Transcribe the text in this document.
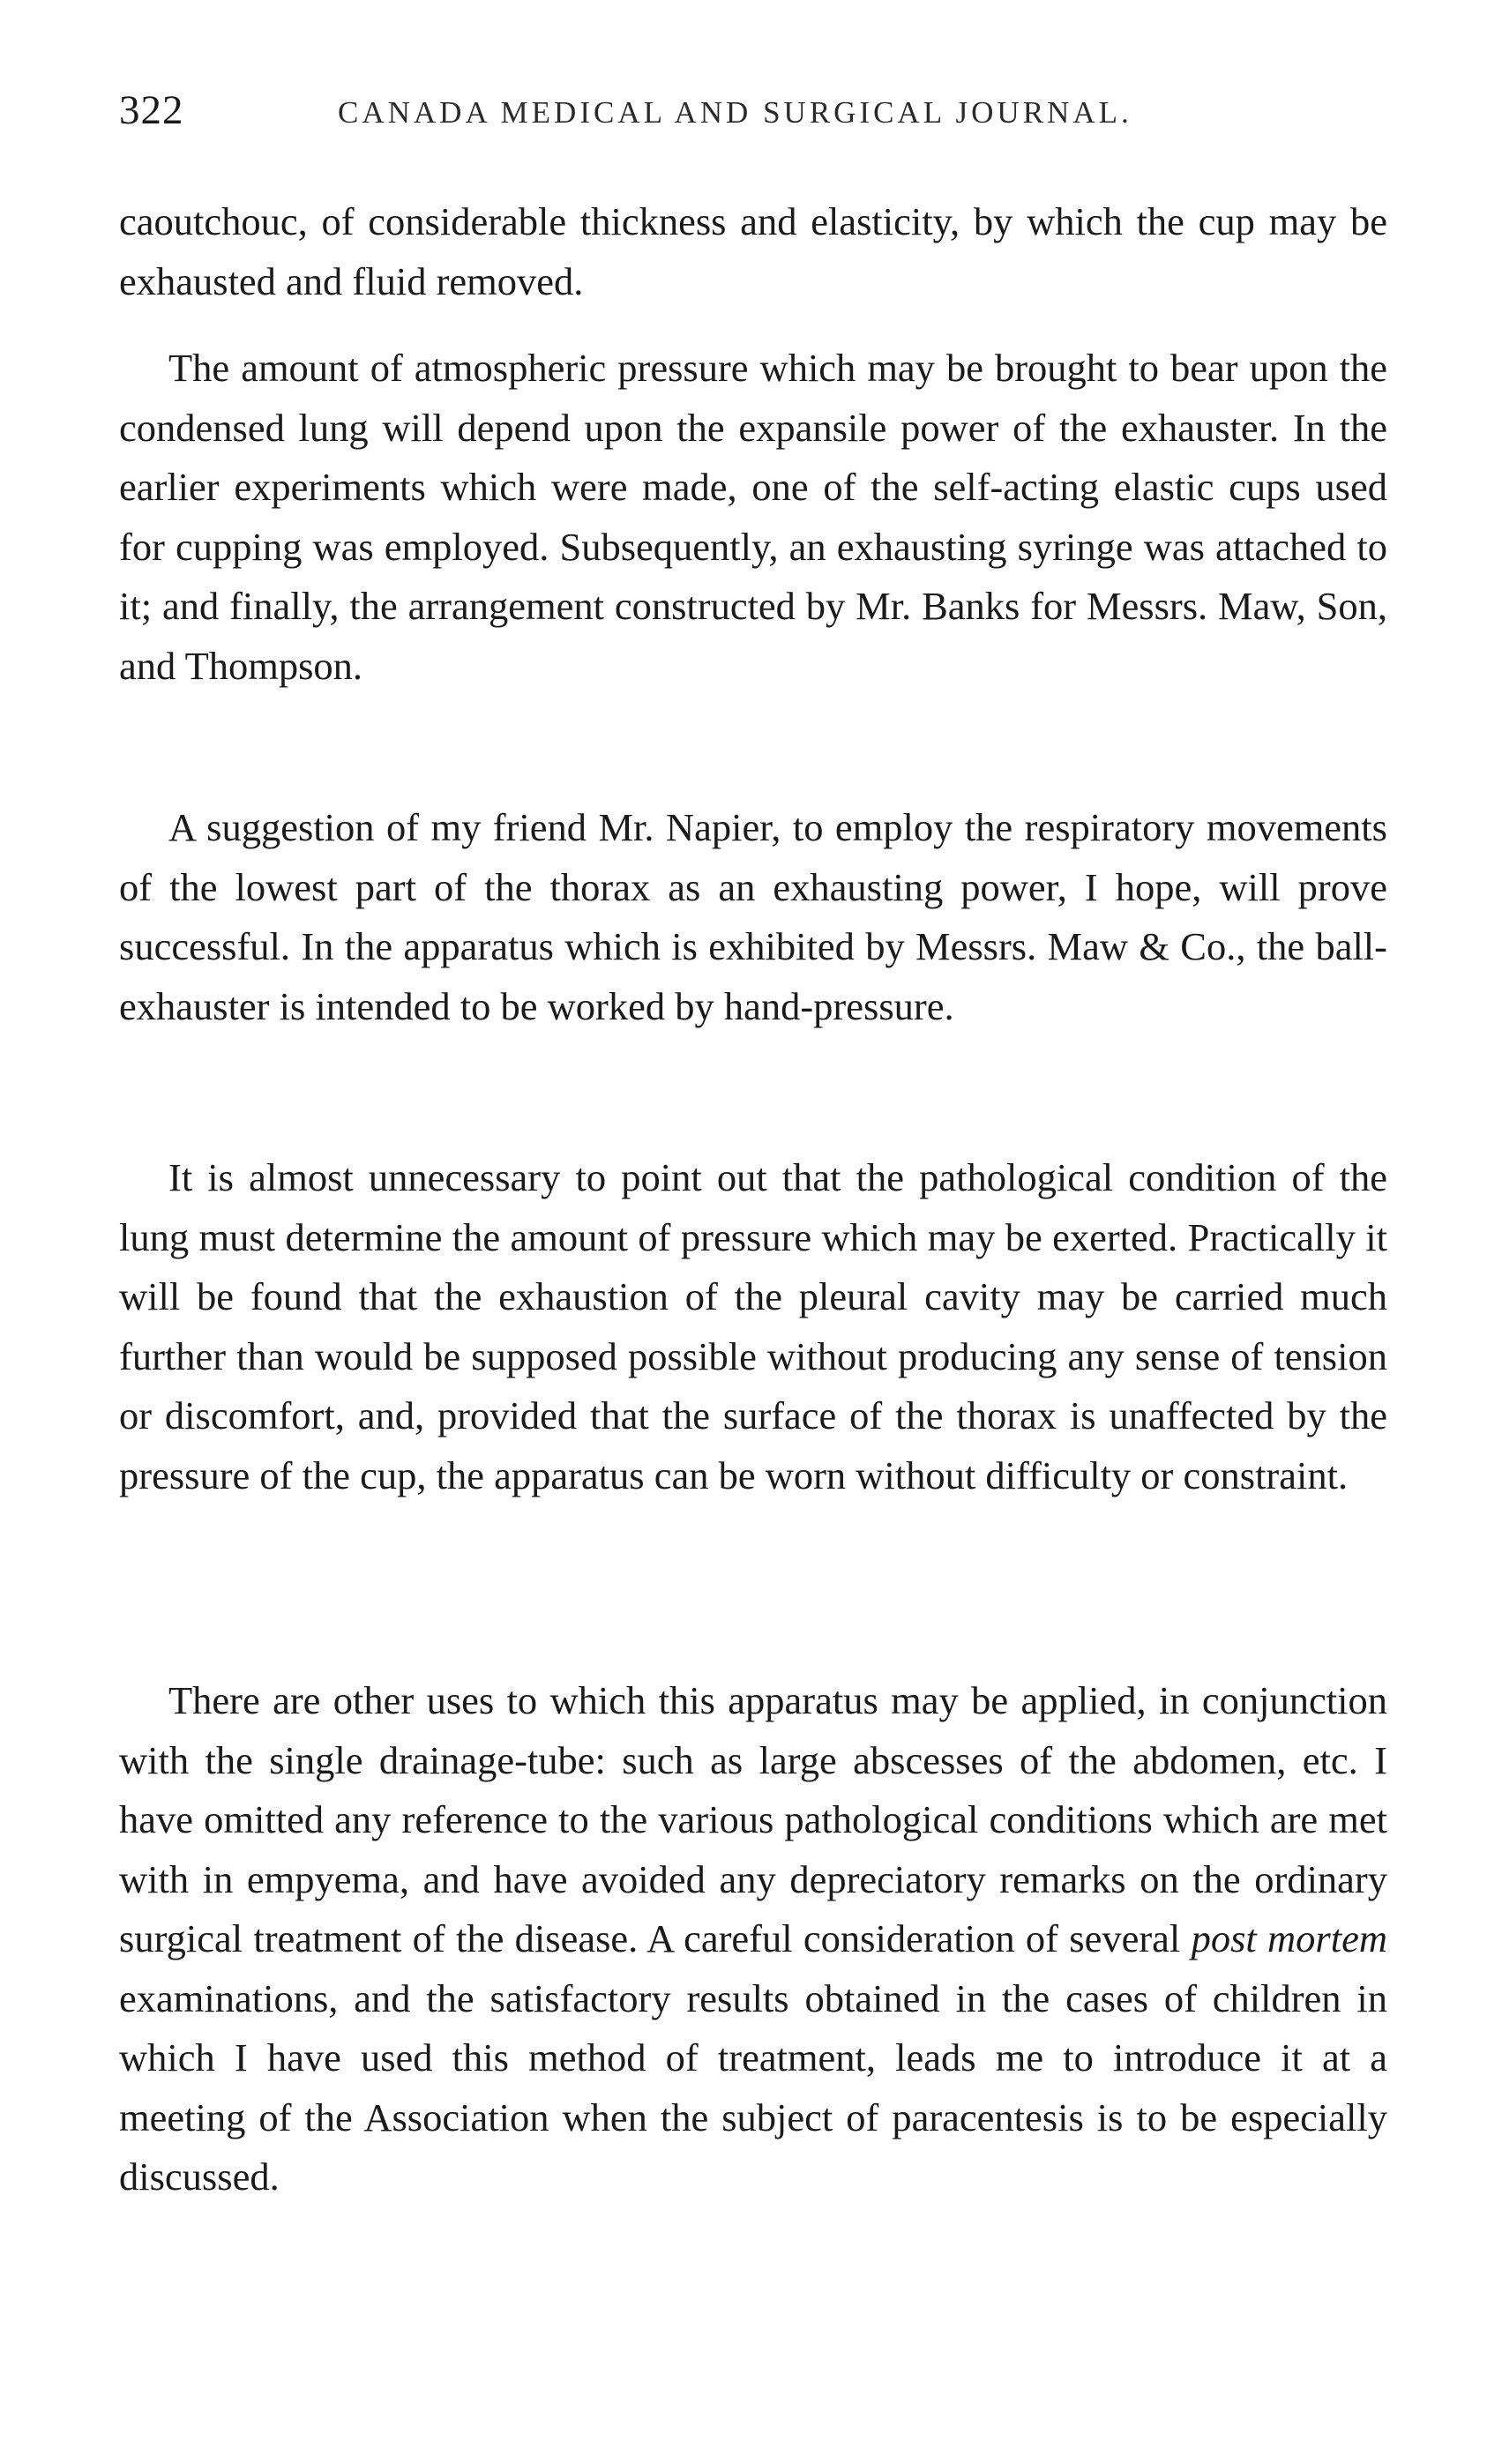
322	CANADA MEDICAL AND SURGICAL JOURNAL.

caoutchouc, of considerable thickness and elasticity, by which the cup may be exhausted and fluid removed.

The amount of atmospheric pressure which may be brought to bear upon the condensed lung will depend upon the expansile power of the exhauster. In the earlier experiments which were made, one of the self-acting elastic cups used for cupping was employed. Subsequently, an exhausting syringe was attached to it; and finally, the arrangement constructed by Mr. Banks for Messrs. Maw, Son, and Thompson.

A suggestion of my friend Mr. Napier, to employ the respiratory movements of the lowest part of the thorax as an exhausting power, I hope, will prove successful. In the apparatus which is exhibited by Messrs. Maw & Co., the ball-exhauster is intended to be worked by hand-pressure.

It is almost unnecessary to point out that the pathological condition of the lung must determine the amount of pressure which may be exerted. Practically it will be found that the exhaustion of the pleural cavity may be carried much further than would be supposed possible without producing any sense of tension or discomfort, and, provided that the surface of the thorax is unaffected by the pressure of the cup, the apparatus can be worn without difficulty or constraint.

There are other uses to which this apparatus may be applied, in conjunction with the single drainage-tube: such as large abscesses of the abdomen, etc. I have omitted any reference to the various pathological conditions which are met with in empyema, and have avoided any depreciatory remarks on the ordinary surgical treatment of the disease. A careful consideration of several post mortem examinations, and the satisfactory results obtained in the cases of children in which I have used this method of treatment, leads me to introduce it at a meeting of the Association when the subject of paracentesis is to be especially discussed.
